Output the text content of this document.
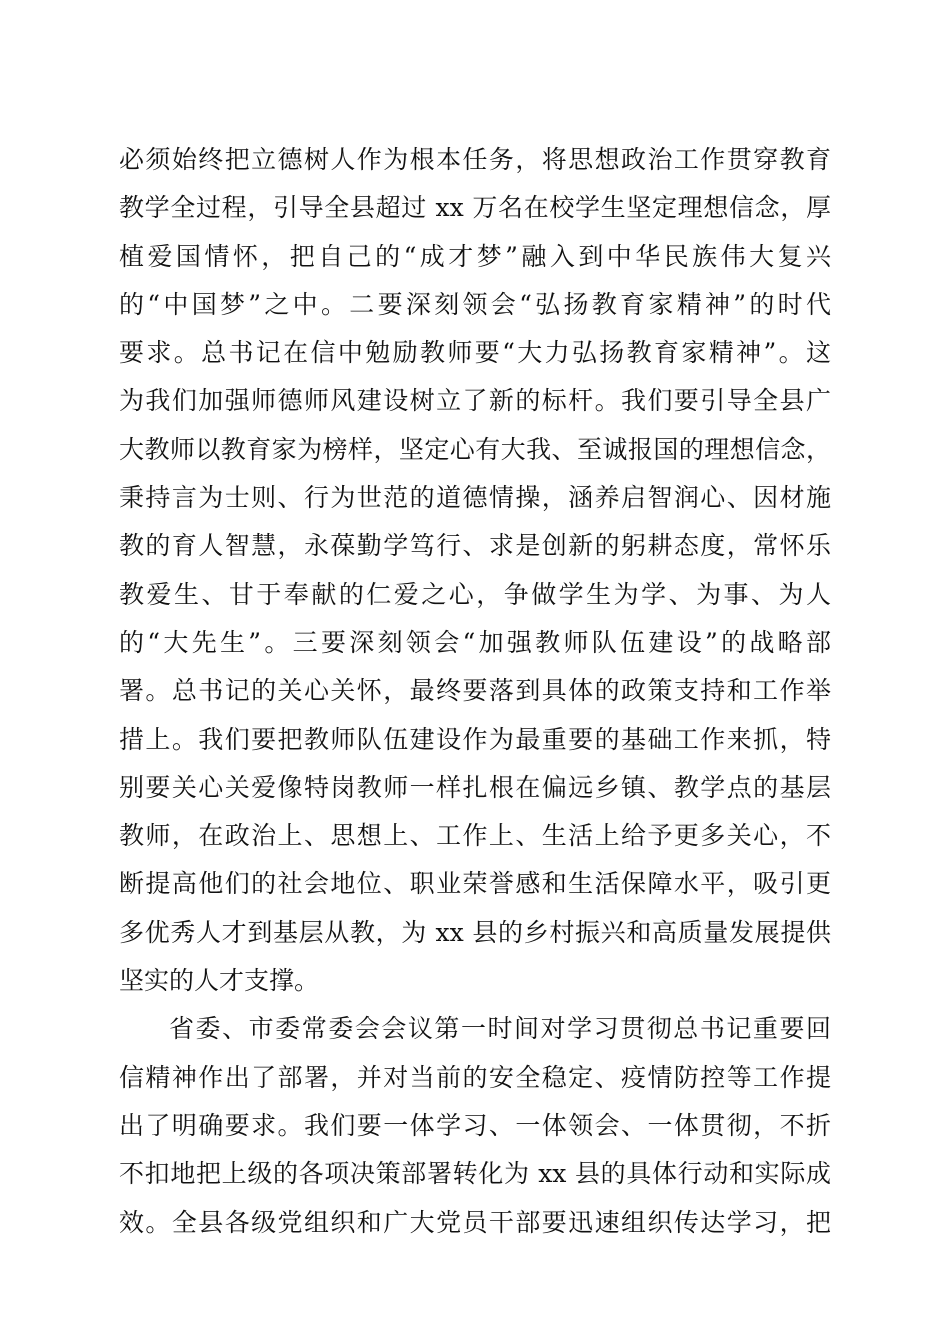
必须始终把立德树人作为根本任务，将思想政治工作贯穿教育
教学全过程，引导全县超过 xx 万名在校学生坚定理想信念，厚
植爱国情怀，把自己的“成才梦”融入到中华民族伟大复兴
的“中国梦”之中。二要深刻领会“弘扬教育家精神”的时代
要求。总书记在信中勉励教师要“大力弘扬教育家精神”。这
为我们加强师德师风建设树立了新的标杆。我们要引导全县广
大教师以教育家为榜样，坚定心有大我、至诚报国的理想信念，
秉持言为士则、行为世范的道德情操，涵养启智润心、因材施
教的育人智慧，永葆勤学笃行、求是创新的躬耕态度，常怀乐
教爱生、甘于奉献的仁爱之心，争做学生为学、为事、为人
的“大先生”。三要深刻领会“加强教师队伍建设”的战略部
署。总书记的关心关怀，最终要落到具体的政策支持和工作举
措上。我们要把教师队伍建设作为最重要的基础工作来抓，特
别要关心关爱像特岗教师一样扎根在偏远乡镇、教学点的基层
教师，在政治上、思想上、工作上、生活上给予更多关心，不
断提高他们的社会地位、职业荣誉感和生活保障水平，吸引更
多优秀人才到基层从教，为 xx 县的乡村振兴和高质量发展提供
坚实的人才支撑。
省委、市委常委会会议第一时间对学习贯彻总书记重要回
信精神作出了部署，并对当前的安全稳定、疫情防控等工作提
出了明确要求。我们要一体学习、一体领会、一体贯彻，不折
不扣地把上级的各项决策部署转化为 xx 县的具体行动和实际成
效。全县各级党组织和广大党员干部要迅速组织传达学习，把
